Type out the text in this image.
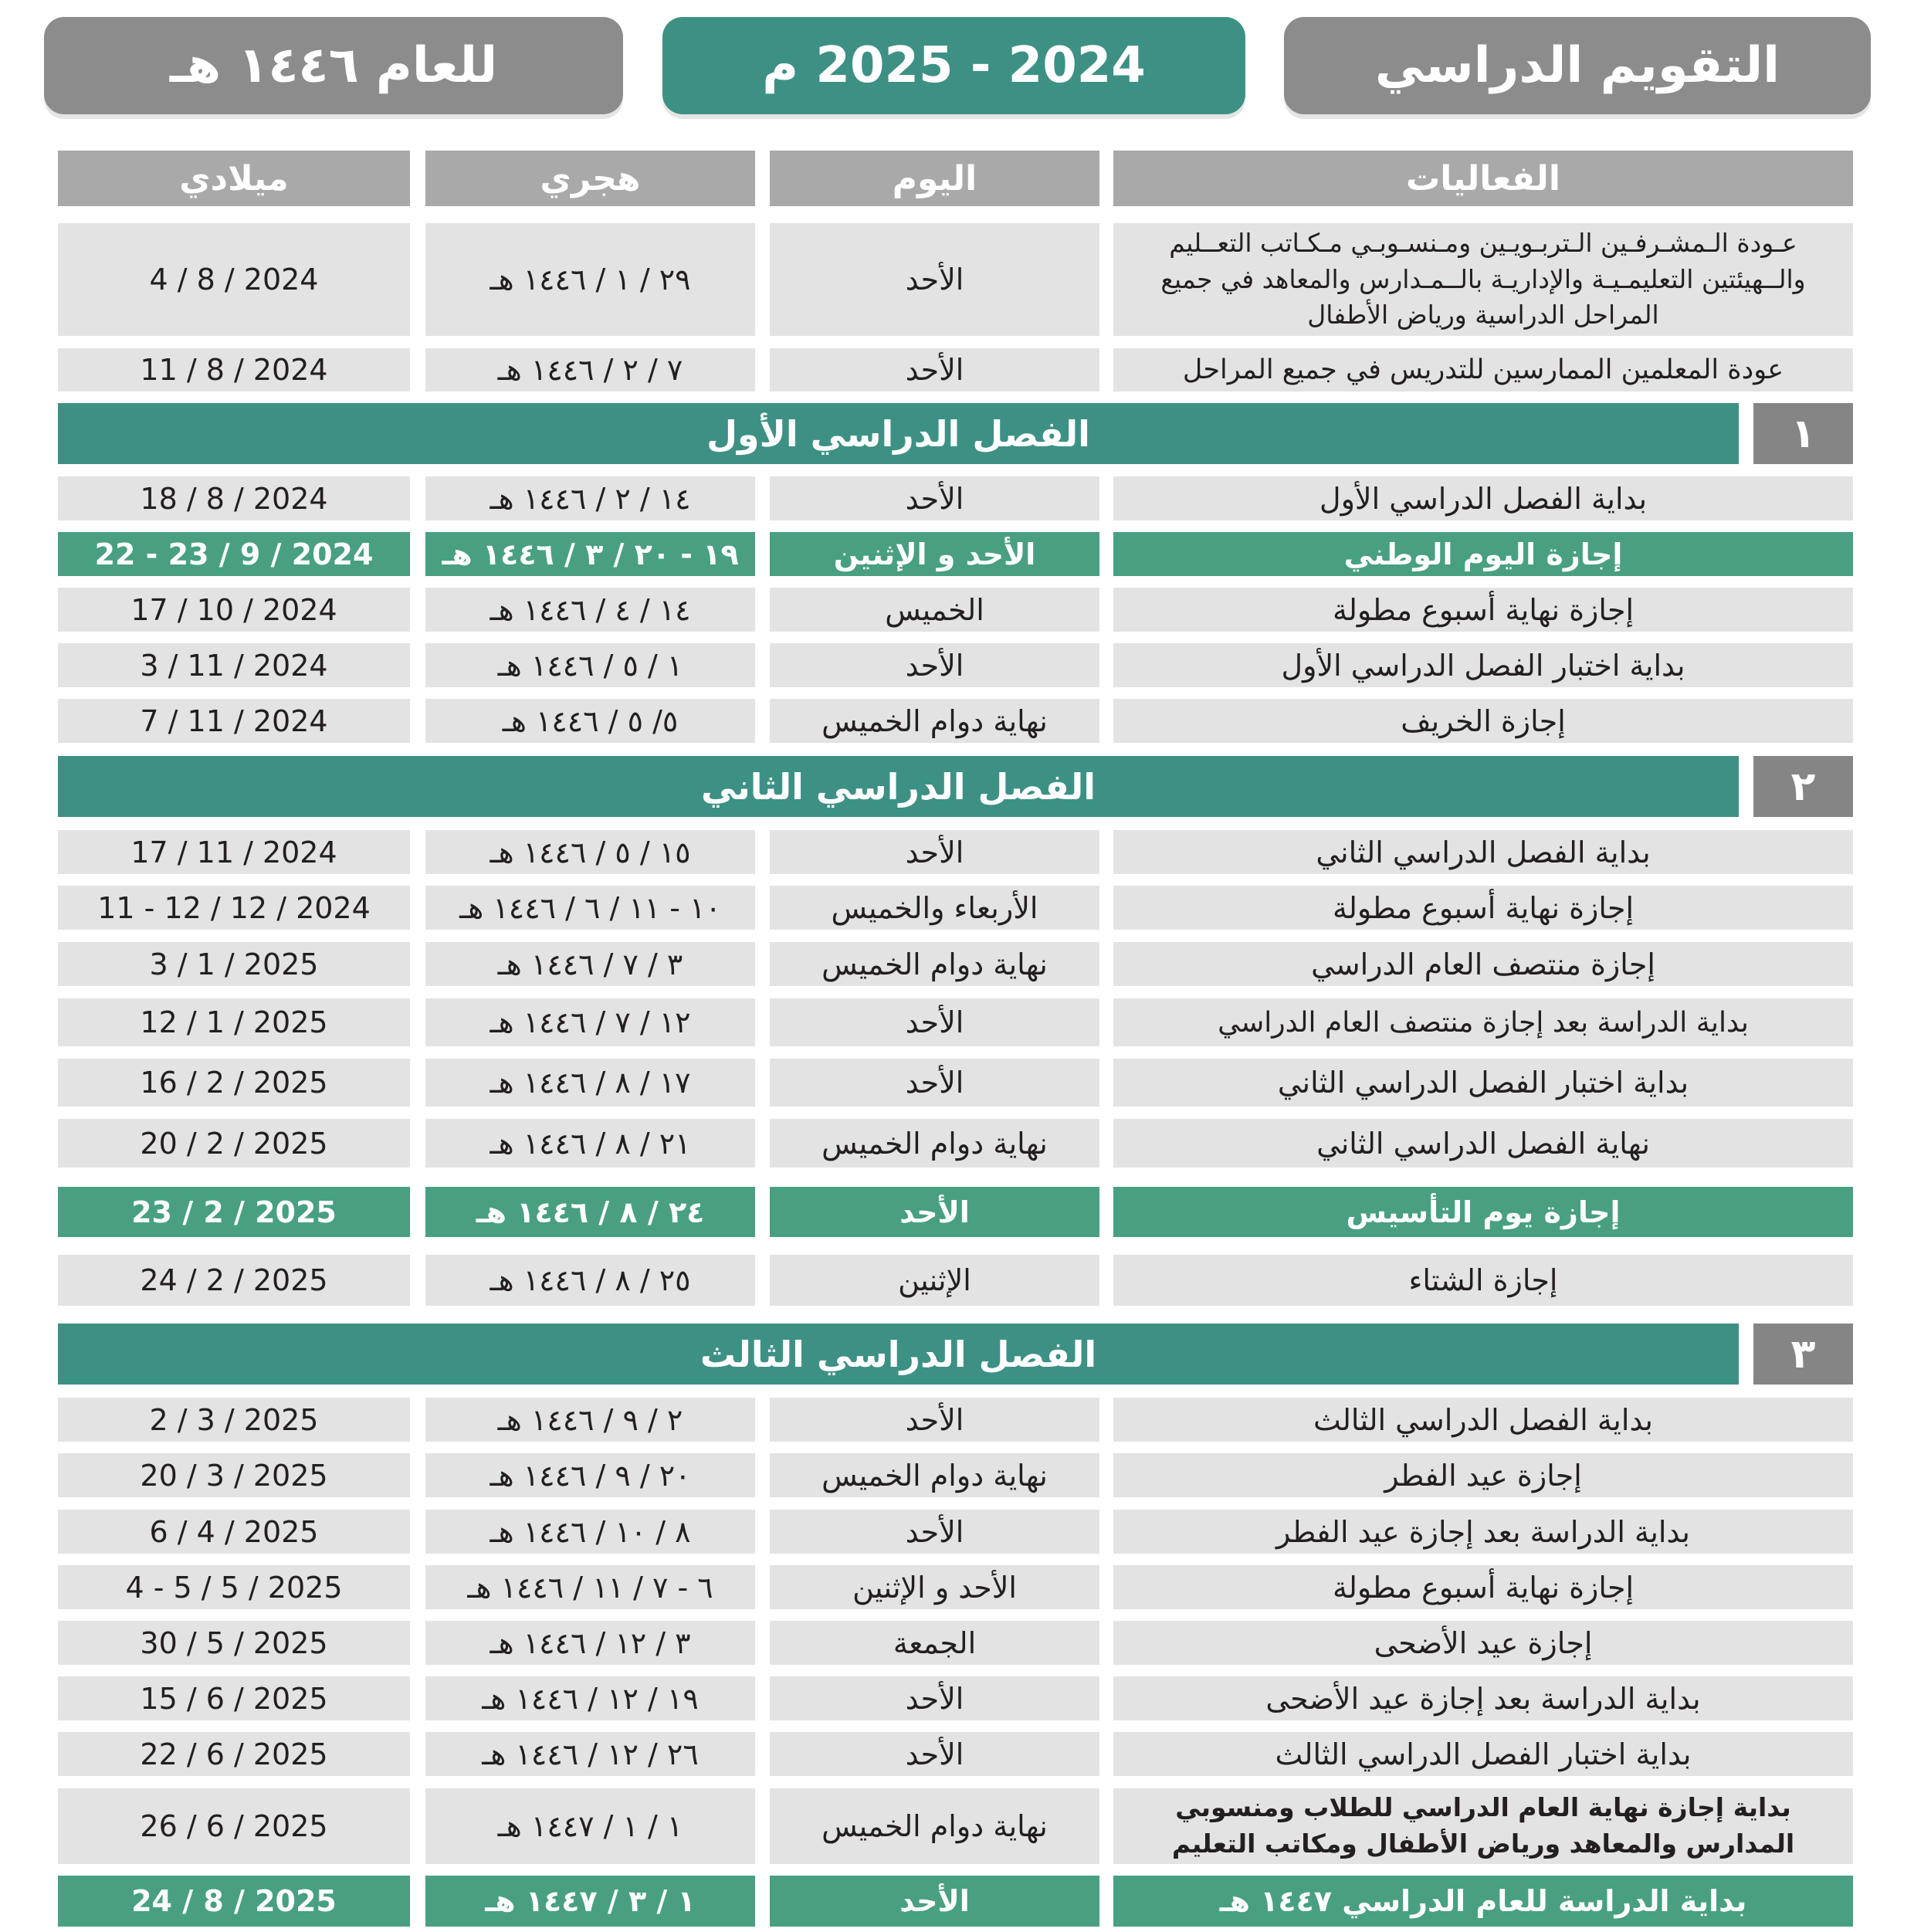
التقويم الدراسي
2024 - 2025 م
للعام ١٤٤٦ هـ
الفعاليات
اليوم
هجري
ميلادي
عـودة الـمشـرفـين الـتربـويـين ومـنسـوبـي مـكـاتب التعــليم والــهيئتين التعليمـيـة والإداريـة بالــمـدارس والمعاهد في جميع المراحل الدراسية ورياض الأطفال
الأحد
٢٩ / ١ / ١٤٤٦ هـ
4 / 8 / 2024
عودة المعلمين الممارسين للتدريس في جميع المراحل
الأحد
٧ / ٢ / ١٤٤٦ هـ
11 / 8 / 2024
الفصل الدراسي الأول	١
بداية الفصل الدراسي الأول
الأحد
١٤ / ٢ / ١٤٤٦ هـ
18 / 8 / 2024
إجازة اليوم الوطني
الأحد و الإثنين
١٩ - ٢٠ / ٣ / ١٤٤٦ هـ
22 - 23 / 9 / 2024
إجازة نهاية أسبوع مطولة
الخميس
١٤ / ٤ / ١٤٤٦ هـ
17 / 10 / 2024
بداية اختبار الفصل الدراسي الأول
الأحد
١ / ٥ / ١٤٤٦ هـ
3 / 11 / 2024
إجازة الخريف
نهاية دوام الخميس
٥/ ٥ / ١٤٤٦ هـ
7 / 11 / 2024
الفصل الدراسي الثاني	٢
بداية الفصل الدراسي الثاني
الأحد
١٥ / ٥ / ١٤٤٦ هـ
17 / 11 / 2024
إجازة نهاية أسبوع مطولة
الأربعاء والخميس
١٠ - ١١ / ٦ / ١٤٤٦ هـ
11 - 12 / 12 / 2024
إجازة منتصف العام الدراسي
نهاية دوام الخميس
٣ / ٧ / ١٤٤٦ هـ
3 / 1 / 2025
بداية الدراسة بعد إجازة منتصف العام الدراسي
الأحد
١٢ / ٧ / ١٤٤٦ هـ
12 / 1 / 2025
بداية اختبار الفصل الدراسي الثاني
الأحد
١٧ / ٨ / ١٤٤٦ هـ
16 / 2 / 2025
نهاية الفصل الدراسي الثاني
نهاية دوام الخميس
٢١ / ٨ / ١٤٤٦ هـ
20 / 2 / 2025
إجازة يوم التأسيس
الأحد
٢٤ / ٨ / ١٤٤٦ هـ
23 / 2 / 2025
إجازة الشتاء
الإثنين
٢٥ / ٨ / ١٤٤٦ هـ
24 / 2 / 2025
الفصل الدراسي الثالث	٣
بداية الفصل الدراسي الثالث
الأحد
٢ / ٩ / ١٤٤٦ هـ
2 / 3 / 2025
إجازة عيد الفطر
نهاية دوام الخميس
٢٠ / ٩ / ١٤٤٦ هـ
20 / 3 / 2025
بداية الدراسة بعد إجازة عيد الفطر
الأحد
٨ / ١٠ / ١٤٤٦ هـ
6 / 4 / 2025
إجازة نهاية أسبوع مطولة
الأحد و الإثنين
٦ - ٧ / ١١ / ١٤٤٦ هـ
4 - 5 / 5 / 2025
إجازة عيد الأضحى
الجمعة
٣ / ١٢ / ١٤٤٦ هـ
30 / 5 / 2025
بداية الدراسة بعد إجازة عيد الأضحى
الأحد
١٩ / ١٢ / ١٤٤٦ هـ
15 / 6 / 2025
بداية اختبار الفصل الدراسي الثالث
الأحد
٢٦ / ١٢ / ١٤٤٦ هـ
22 / 6 / 2025
بداية إجازة نهاية العام الدراسي للطلاب ومنسوبي المدارس والمعاهد ورياض الأطفال ومكاتب التعليم
نهاية دوام الخميس
١ / ١ / ١٤٤٧ هـ
26 / 6 / 2025
بداية الدراسة للعام الدراسي ١٤٤٧ هـ
الأحد
١ / ٣ / ١٤٤٧ هـ
24 / 8 / 2025
